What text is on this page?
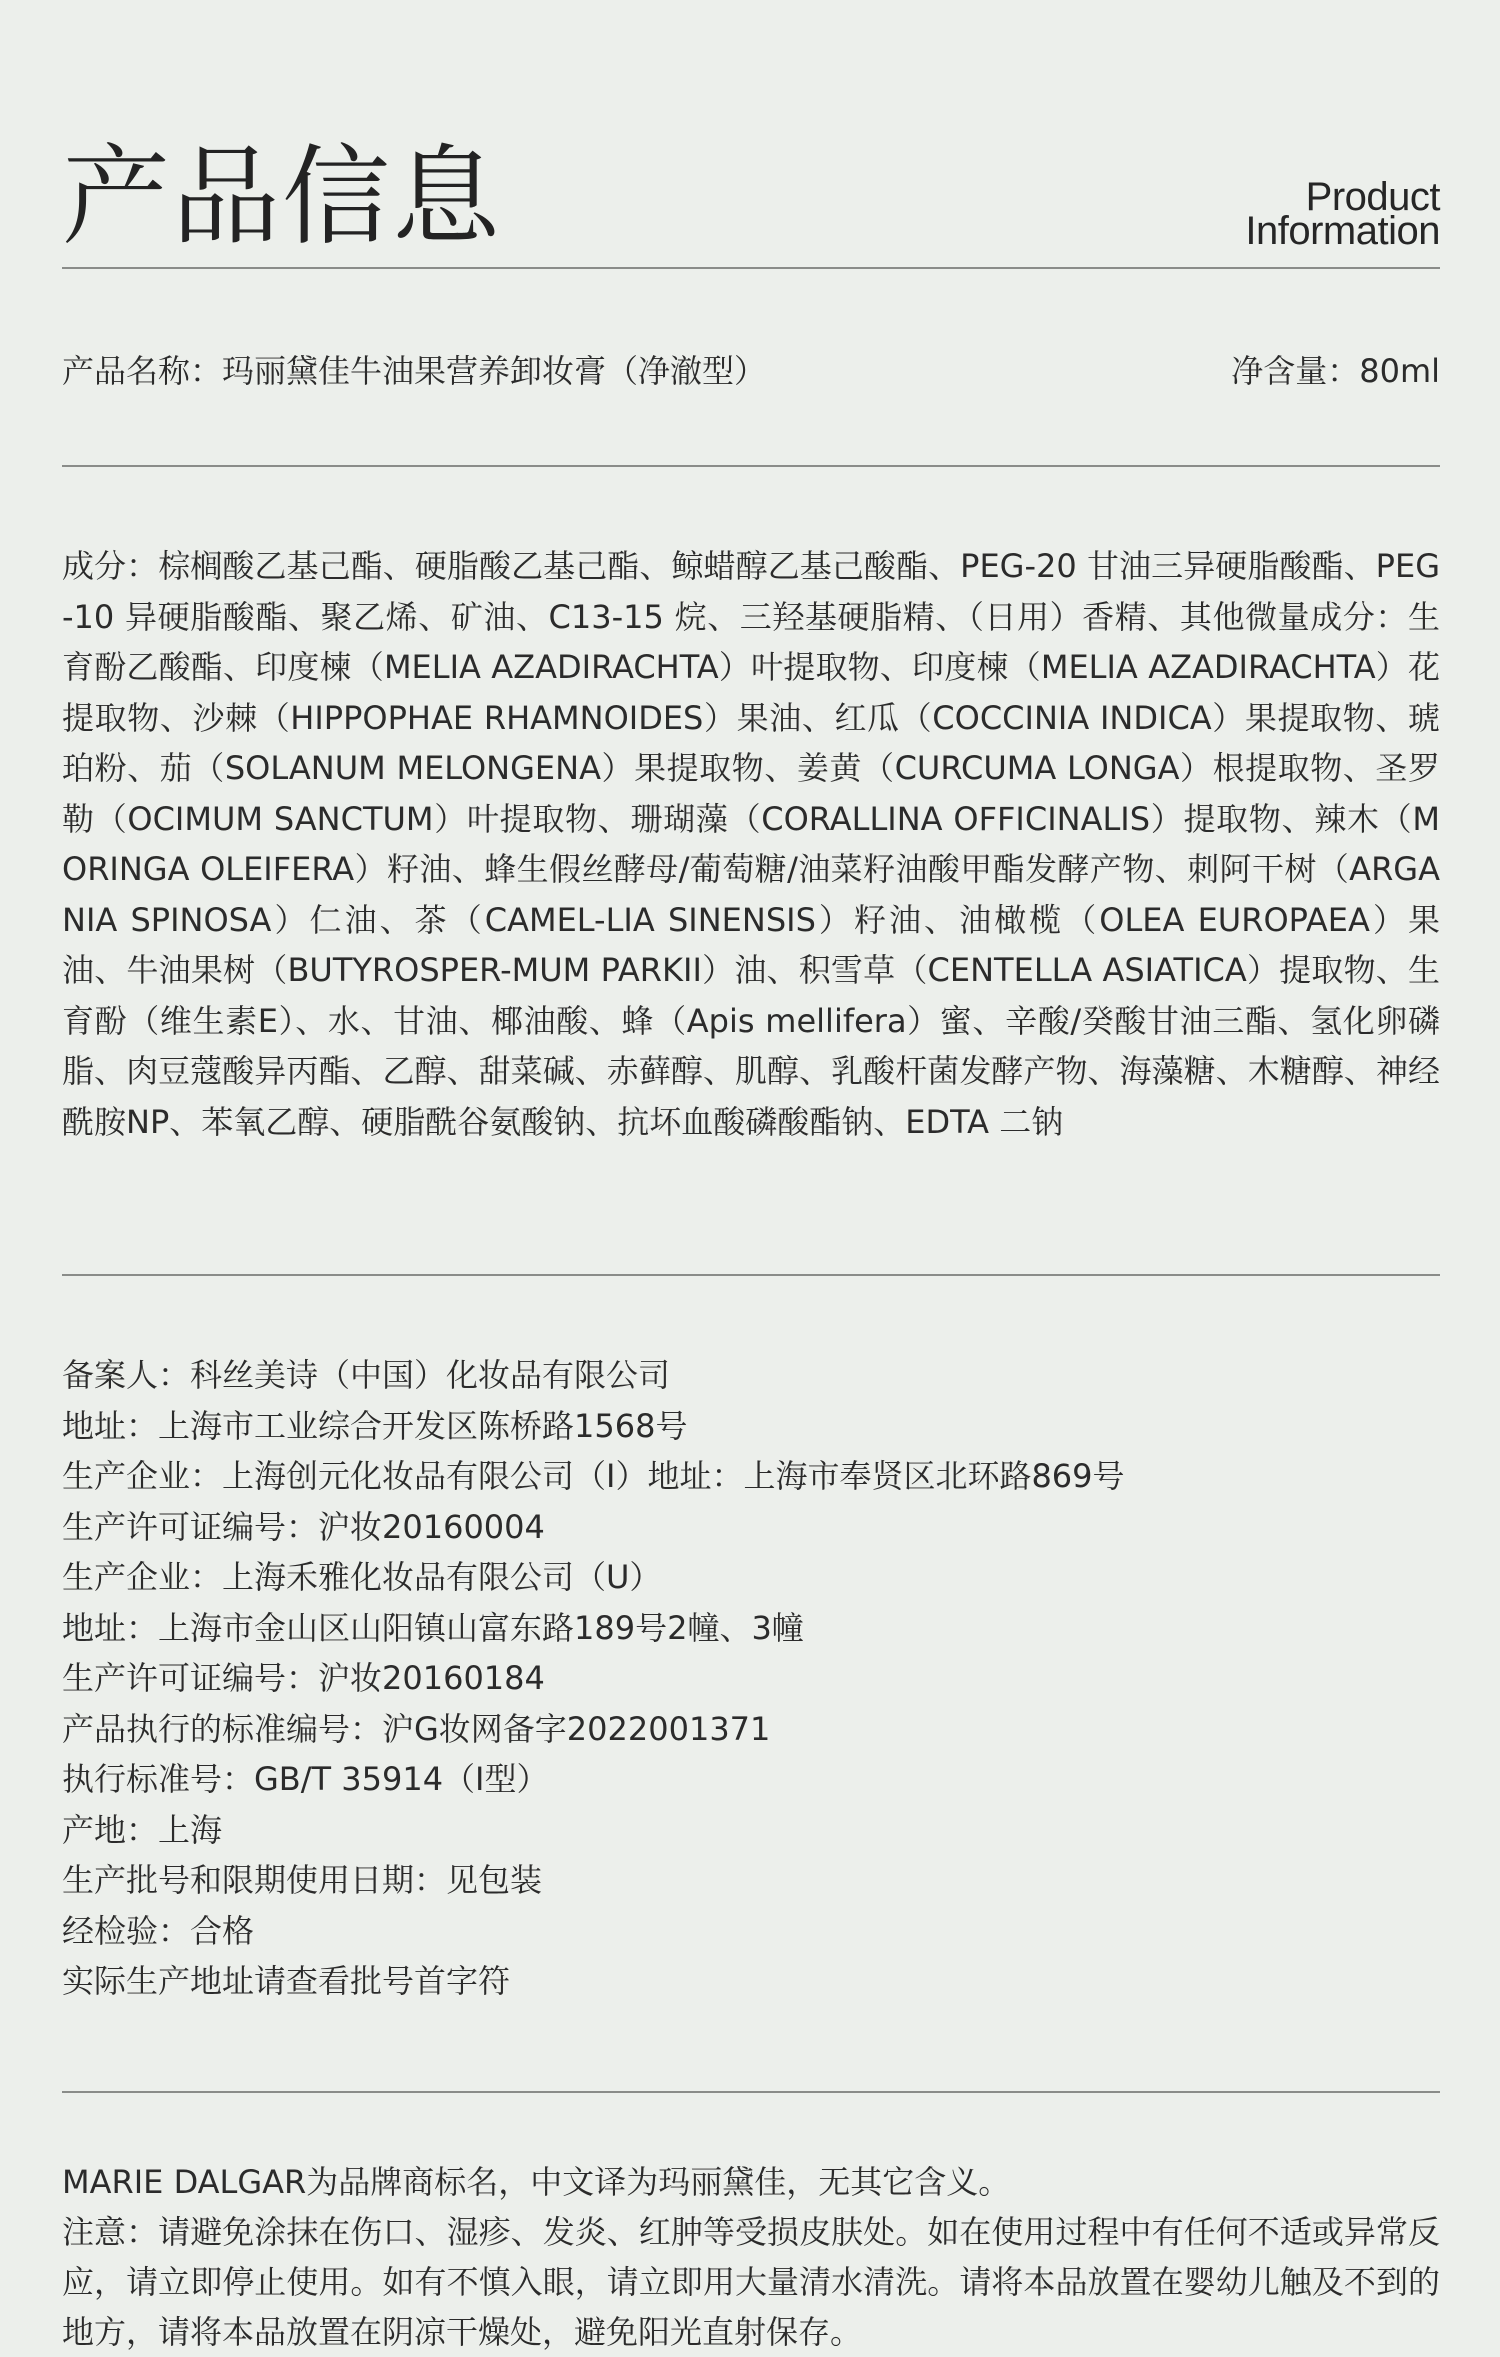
产品信息	Product
Information
产品名称：玛丽黛佳牛油果营养卸妆膏（净澈型）	净含量：80ml
成分：棕榈酸乙基己酯、硬脂酸乙基己酯、鲸蜡醇乙基己酸酯、PEG-20 甘油三异硬脂酸酯、PEG-10 异硬脂酸酯、聚乙烯、矿油、C13-15 烷、三羟基硬脂精、（日用）香精、其他微量成分：生育酚乙酸酯、印度楝（MELIA AZADIRACHTA）叶提取物、印度楝（MELIA AZADIRACHTA）花提取物、沙棘（HIPPOPHAE RHAMNOIDES）果油、红瓜（COCCINIA INDICA）果提取物、琥珀粉、茄（SOLANUM MELONGENA）果提取物、姜黄（CURCUMA LONGA）根提取物、圣罗勒（OCIMUM SANCTUM）叶提取物、珊瑚藻（CORALLINA OFFICINALIS）提取物、辣木（MORINGA OLEIFERA）籽油、蜂生假丝酵母/葡萄糖/油菜籽油酸甲酯发酵产物、刺阿干树（ARGANIA SPINOSA）仁油、茶（CAMEL-LIA SINENSIS）籽油、油橄榄（OLEA EUROPAEA）果油、牛油果树（BUTYROSPER-MUM PARKII）油、积雪草（CENTELLA ASIATICA）提取物、生育酚（维生素E）、水、甘油、椰油酸、蜂（Apis mellifera）蜜、辛酸/癸酸甘油三酯、氢化卵磷脂、肉豆蔻酸异丙酯、乙醇、甜菜碱、赤藓醇、肌醇、乳酸杆菌发酵产物、海藻糖、木糖醇、神经酰胺NP、苯氧乙醇、硬脂酰谷氨酸钠、抗坏血酸磷酸酯钠、EDTA 二钠
备案人：科丝美诗（中国）化妆品有限公司
地址：上海市工业综合开发区陈桥路1568号
生产企业：上海创元化妆品有限公司（I）地址：上海市奉贤区北环路869号
生产许可证编号：沪妆20160004
生产企业：上海禾雅化妆品有限公司（U）
地址：上海市金山区山阳镇山富东路189号2幢、3幢
生产许可证编号：沪妆20160184
产品执行的标准编号：沪G妆网备字2022001371
执行标准号：GB/T 35914（I型）
产地：上海
生产批号和限期使用日期：见包装
经检验：合格
实际生产地址请查看批号首字符

MARIE DALGAR为品牌商标名，中文译为玛丽黛佳，无其它含义。

注意：请避免涂抹在伤口、湿疹、发炎、红肿等受损皮肤处。如在使用过程中有任何不适或异常反应，请立即停止使用。如有不慎入眼，请立即用大量清水清洗。请将本品放置在婴幼儿触及不到的地方，请将本品放置在阴凉干燥处，避免阳光直射保存。
